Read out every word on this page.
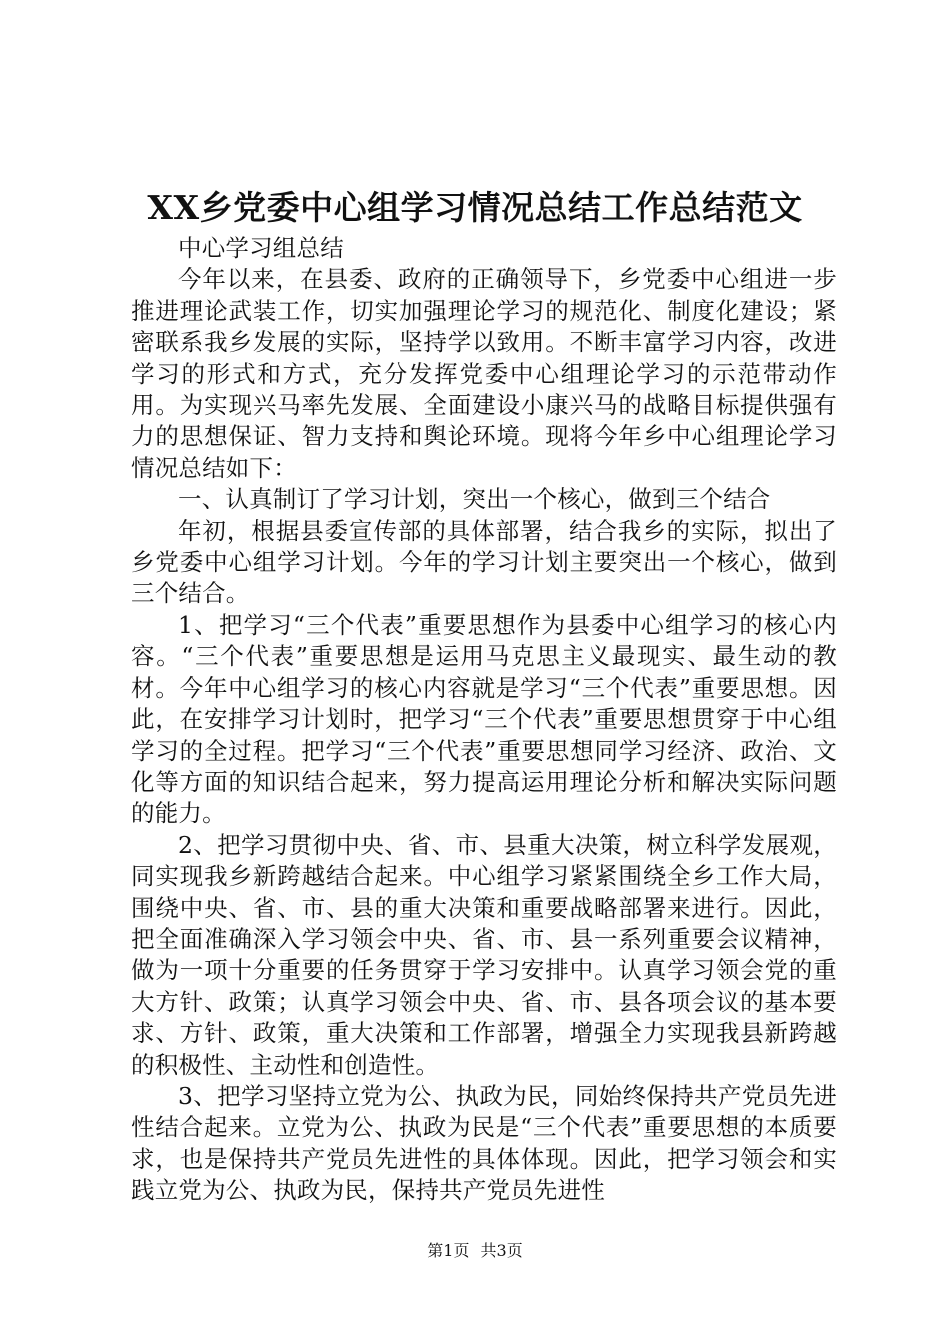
XX乡党委中心组学习情况总结工作总结范文

中心学习组总结

今年以来，在县委、政府的正确领导下，乡党委中心组进一步推进理论武装工作，切实加强理论学习的规范化、制度化建设；紧密联系我乡发展的实际，坚持学以致用。不断丰富学习内容，改进学习的形式和方式，充分发挥党委中心组理论学习的示范带动作用。为实现兴马率先发展、全面建设小康兴马的战略目标提供强有力的思想保证、智力支持和舆论环境。现将今年乡中心组理论学习情况总结如下：

一、认真制订了学习计划，突出一个核心，做到三个结合

年初，根据县委宣传部的具体部署，结合我乡的实际，拟出了乡党委中心组学习计划。今年的学习计划主要突出一个核心，做到三个结合。

1、把学习“三个代表”重要思想作为县委中心组学习的核心内容。“三个代表”重要思想是运用马克思主义最现实、最生动的教材。今年中心组学习的核心内容就是学习“三个代表”重要思想。因此，在安排学习计划时，把学习“三个代表”重要思想贯穿于中心组学习的全过程。把学习“三个代表”重要思想同学习经济、政治、文化等方面的知识结合起来，努力提高运用理论分析和解决实际问题的能力。

2、把学习贯彻中央、省、市、县重大决策，树立科学发展观，同实现我乡新跨越结合起来。中心组学习紧紧围绕全乡工作大局，围绕中央、省、市、县的重大决策和重要战略部署来进行。因此，把全面准确深入学习领会中央、省、市、县一系列重要会议精神，做为一项十分重要的任务贯穿于学习安排中。认真学习领会党的重大方针、政策；认真学习领会中央、省、市、县各项会议的基本要求、方针、政策，重大决策和工作部署，增强全力实现我县新跨越的积极性、主动性和创造性。

3、把学习坚持立党为公、执政为民，同始终保持共产党员先进性结合起来。立党为公、执政为民是“三个代表”重要思想的本质要求，也是保持共产党员先进性的具体体现。因此，把学习领会和实践立党为公、执政为民，保持共产党员先进性

第1页 共3页
